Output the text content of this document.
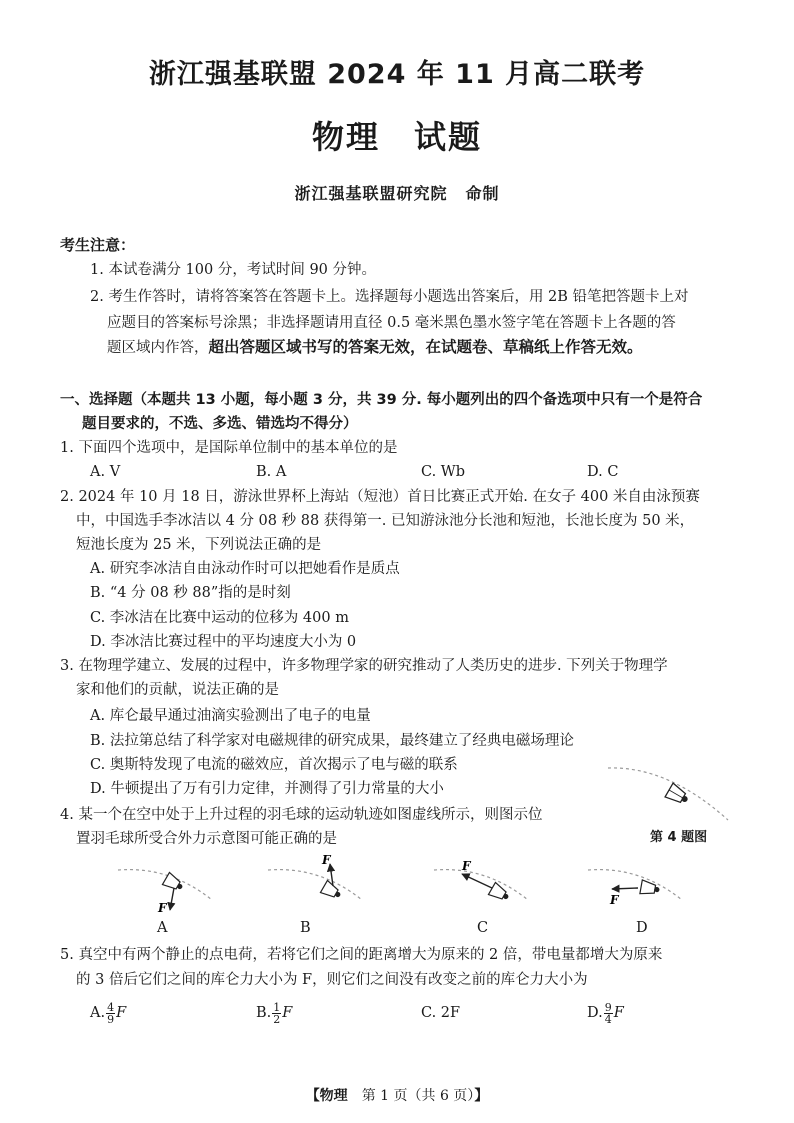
浙江强基联盟 2024 年 11 月高二联考
物理　试题
浙江强基联盟研究院 命制
考生注意：
1. 本试卷满分 100 分，考试时间 90 分钟。
2. 考生作答时，请将答案答在答题卡上。选择题每小题选出答案后，用 2B 铅笔把答题卡上对
应题目的答案标号涂黑；非选择题请用直径 0.5 毫米黑色墨水签字笔在答题卡上各题的答
题区域内作答，超出答题区域书写的答案无效，在试题卷、草稿纸上作答无效。
一、选择题（本题共 13 小题，每小题 3 分，共 39 分. 每小题列出的四个备选项中只有一个是符合
题目要求的，不选、多选、错选均不得分）
1. 下面四个选项中，是国际单位制中的基本单位的是
A. V	B. A	C. Wb	D. C
2. 2024 年 10 月 18 日，游泳世界杯上海站（短池）首日比赛正式开始. 在女子 400 米自由泳预赛
中，中国选手李冰洁以 4 分 08 秒 88 获得第一. 已知游泳池分长池和短池，长池长度为 50 米，
短池长度为 25 米，下列说法正确的是
A. 研究李冰洁自由泳动作时可以把她看作是质点
B. “4 分 08 秒 88”指的是时刻
C. 李冰洁在比赛中运动的位移为 400 m
D. 李冰洁比赛过程中的平均速度大小为 0
3. 在物理学建立、发展的过程中，许多物理学家的研究推动了人类历史的进步. 下列关于物理学
家和他们的贡献，说法正确的是
A. 库仑最早通过油滴实验测出了电子的电量
B. 法拉第总结了科学家对电磁规律的研究成果，最终建立了经典电磁场理论
C. 奥斯特发现了电流的磁效应，首次揭示了电与磁的联系
D. 牛顿提出了万有引力定律，并测得了引力常量的大小
第 4 题图
4. 某一个在空中处于上升过程的羽毛球的运动轨迹如图虚线所示，则图示位
置羽毛球所受合外力示意图可能正确的是
F
F	F
F
A	B	C	D
5. 真空中有两个静止的点电荷，若将它们之间的距离增大为原来的 2 倍，带电量都增大为原来
的 3 倍后它们之间的库仑力大小为 F，则它们之间没有改变之前的库仑力大小为
A. $\frac{4}{9}$ F	B. $\frac{1}{2}$ F	C. 2F	D. $\frac{9}{4}$ F
【物理　 第 1 页（共 6 页）】
